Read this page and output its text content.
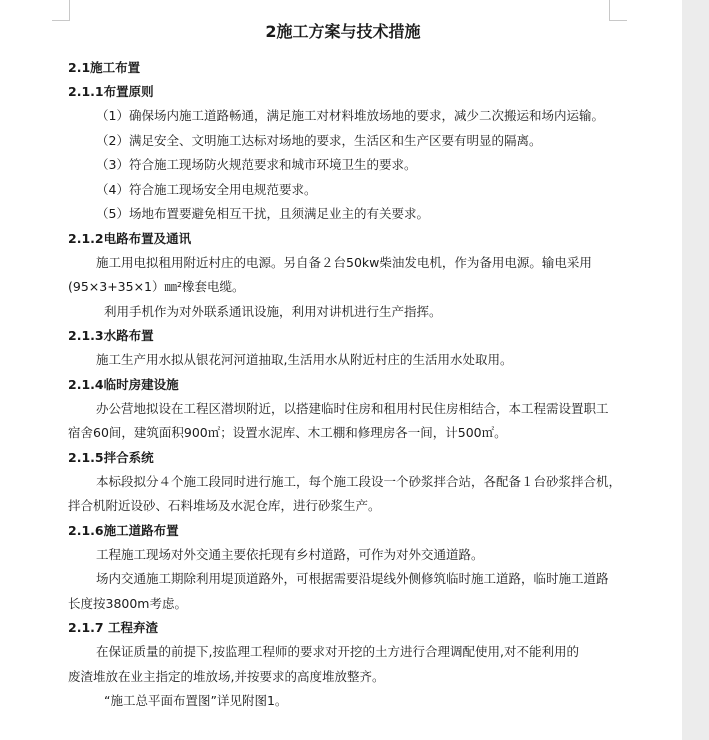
2施工方案与技术措施
2.1施工布置
2.1.1布置原则
（1）确保场内施工道路畅通，满足施工对材料堆放场地的要求，减少二次搬运和场内运输。
（2）满足安全、文明施工达标对场地的要求，生活区和生产区要有明显的隔离。
（3）符合施工现场防火规范要求和城市环境卫生的要求。
（4）符合施工现场安全用电规范要求。
（5）场地布置要避免相互干扰，且须满足业主的有关要求。
2.1.2电路布置及通讯
施工用电拟租用附近村庄的电源。另自备２台50kw柴油发电机，作为备用电源。输电采用
(95×3+35×1）㎜²橡套电缆。
利用手机作为对外联系通讯设施，利用对讲机进行生产指挥。
2.1.3水路布置
施工生产用水拟从银花河河道抽取,生活用水从附近村庄的生活用水处取用。
2.1.4临时房建设施
办公营地拟设在工程区潜坝附近，以搭建临时住房和租用村民住房相结合，本工程需设置职工
宿舍60间，建筑面积900㎡；设置水泥库、木工棚和修理房各一间，计500㎡。
2.1.5拌合系统
本标段拟分４个施工段同时进行施工，每个施工段设一个砂浆拌合站，各配备１台砂浆拌合机，
拌合机附近设砂、石料堆场及水泥仓库，进行砂浆生产。
2.1.6施工道路布置
工程施工现场对外交通主要依托现有乡村道路，可作为对外交通道路。
场内交通施工期除利用堤顶道路外，可根据需要沿堤线外侧修筑临时施工道路，临时施工道路
长度按3800m考虑。
2.1.7 工程弃渣
在保证质量的前提下,按监理工程师的要求对开挖的土方进行合理调配使用,对不能利用的
废渣堆放在业主指定的堆放场,并按要求的高度堆放整齐。
“施工总平面布置图”详见附图1。
